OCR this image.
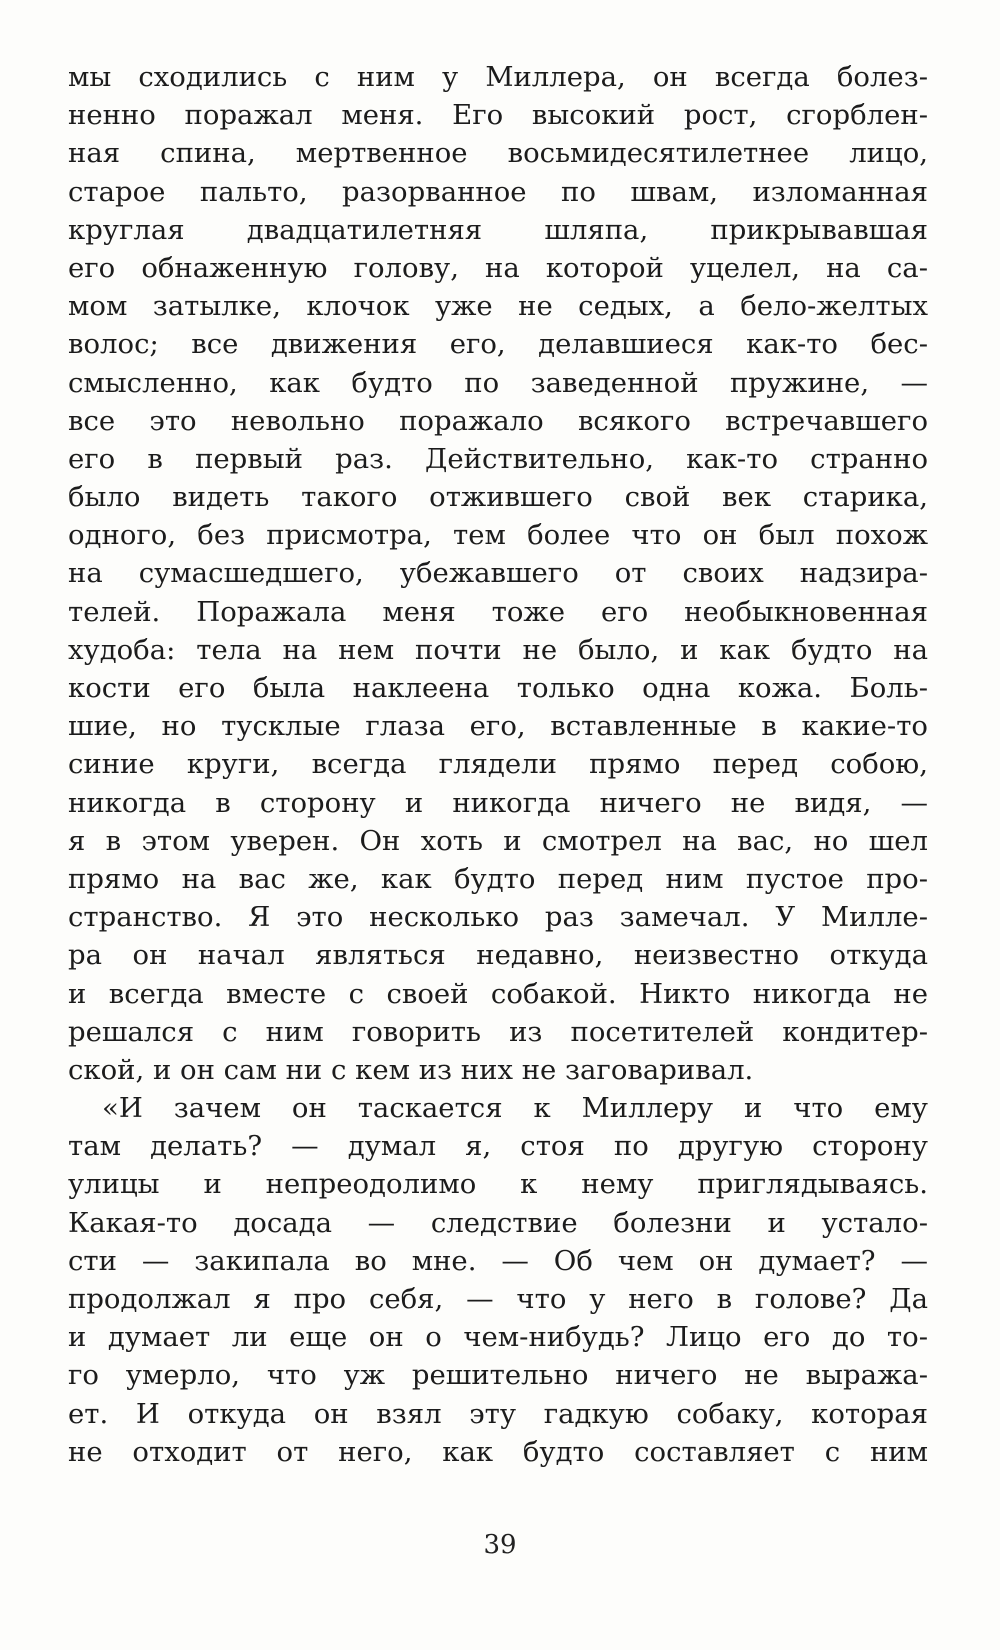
мы сходились с ним у Миллера, он всегда болез-
ненно поражал меня. Его высокий рост, сгорблен-
ная спина, мертвенное восьмидесятилетнее лицо,
старое пальто, разорванное по швам, изломанная
круглая двадцатилетняя шляпа, прикрывавшая
его обнаженную голову, на которой уцелел, на са-
мом затылке, клочок уже не седых, а бело-желтых
волос; все движения его, делавшиеся как-то бес-
смысленно, как будто по заведенной пружине, —
все это невольно поражало всякого встречавшего
его в первый раз. Действительно, как-то странно
было видеть такого отжившего свой век старика,
одного, без присмотра, тем более что он был похож
на сумасшедшего, убежавшего от своих надзира-
телей. Поражала меня тоже его необыкновенная
худоба: тела на нем почти не было, и как будто на
кости его была наклеена только одна кожа. Боль-
шие, но тусклые глаза его, вставленные в какие-то
синие круги, всегда глядели прямо перед собою,
никогда в сторону и никогда ничего не видя, —
я в этом уверен. Он хоть и смотрел на вас, но шел
прямо на вас же, как будто перед ним пустое про-
странство. Я это несколько раз замечал. У Милле-
ра он начал являться недавно, неизвестно откуда
и всегда вместе с своей собакой. Никто никогда не
решался с ним говорить из посетителей кондитер-
ской, и он сам ни с кем из них не заговаривал.
«И зачем он таскается к Миллеру и что ему
там делать? — думал я, стоя по другую сторону
улицы и непреодолимо к нему приглядываясь.
Какая-то досада — следствие болезни и устало-
сти — закипала во мне. — Об чем он думает? —
продолжал я про себя, — что у него в голове? Да
и думает ли еще он о чем-нибудь? Лицо его до то-
го умерло, что уж решительно ничего не выража-
ет. И откуда он взял эту гадкую собаку, которая
не отходит от него, как будто составляет с ним
39
